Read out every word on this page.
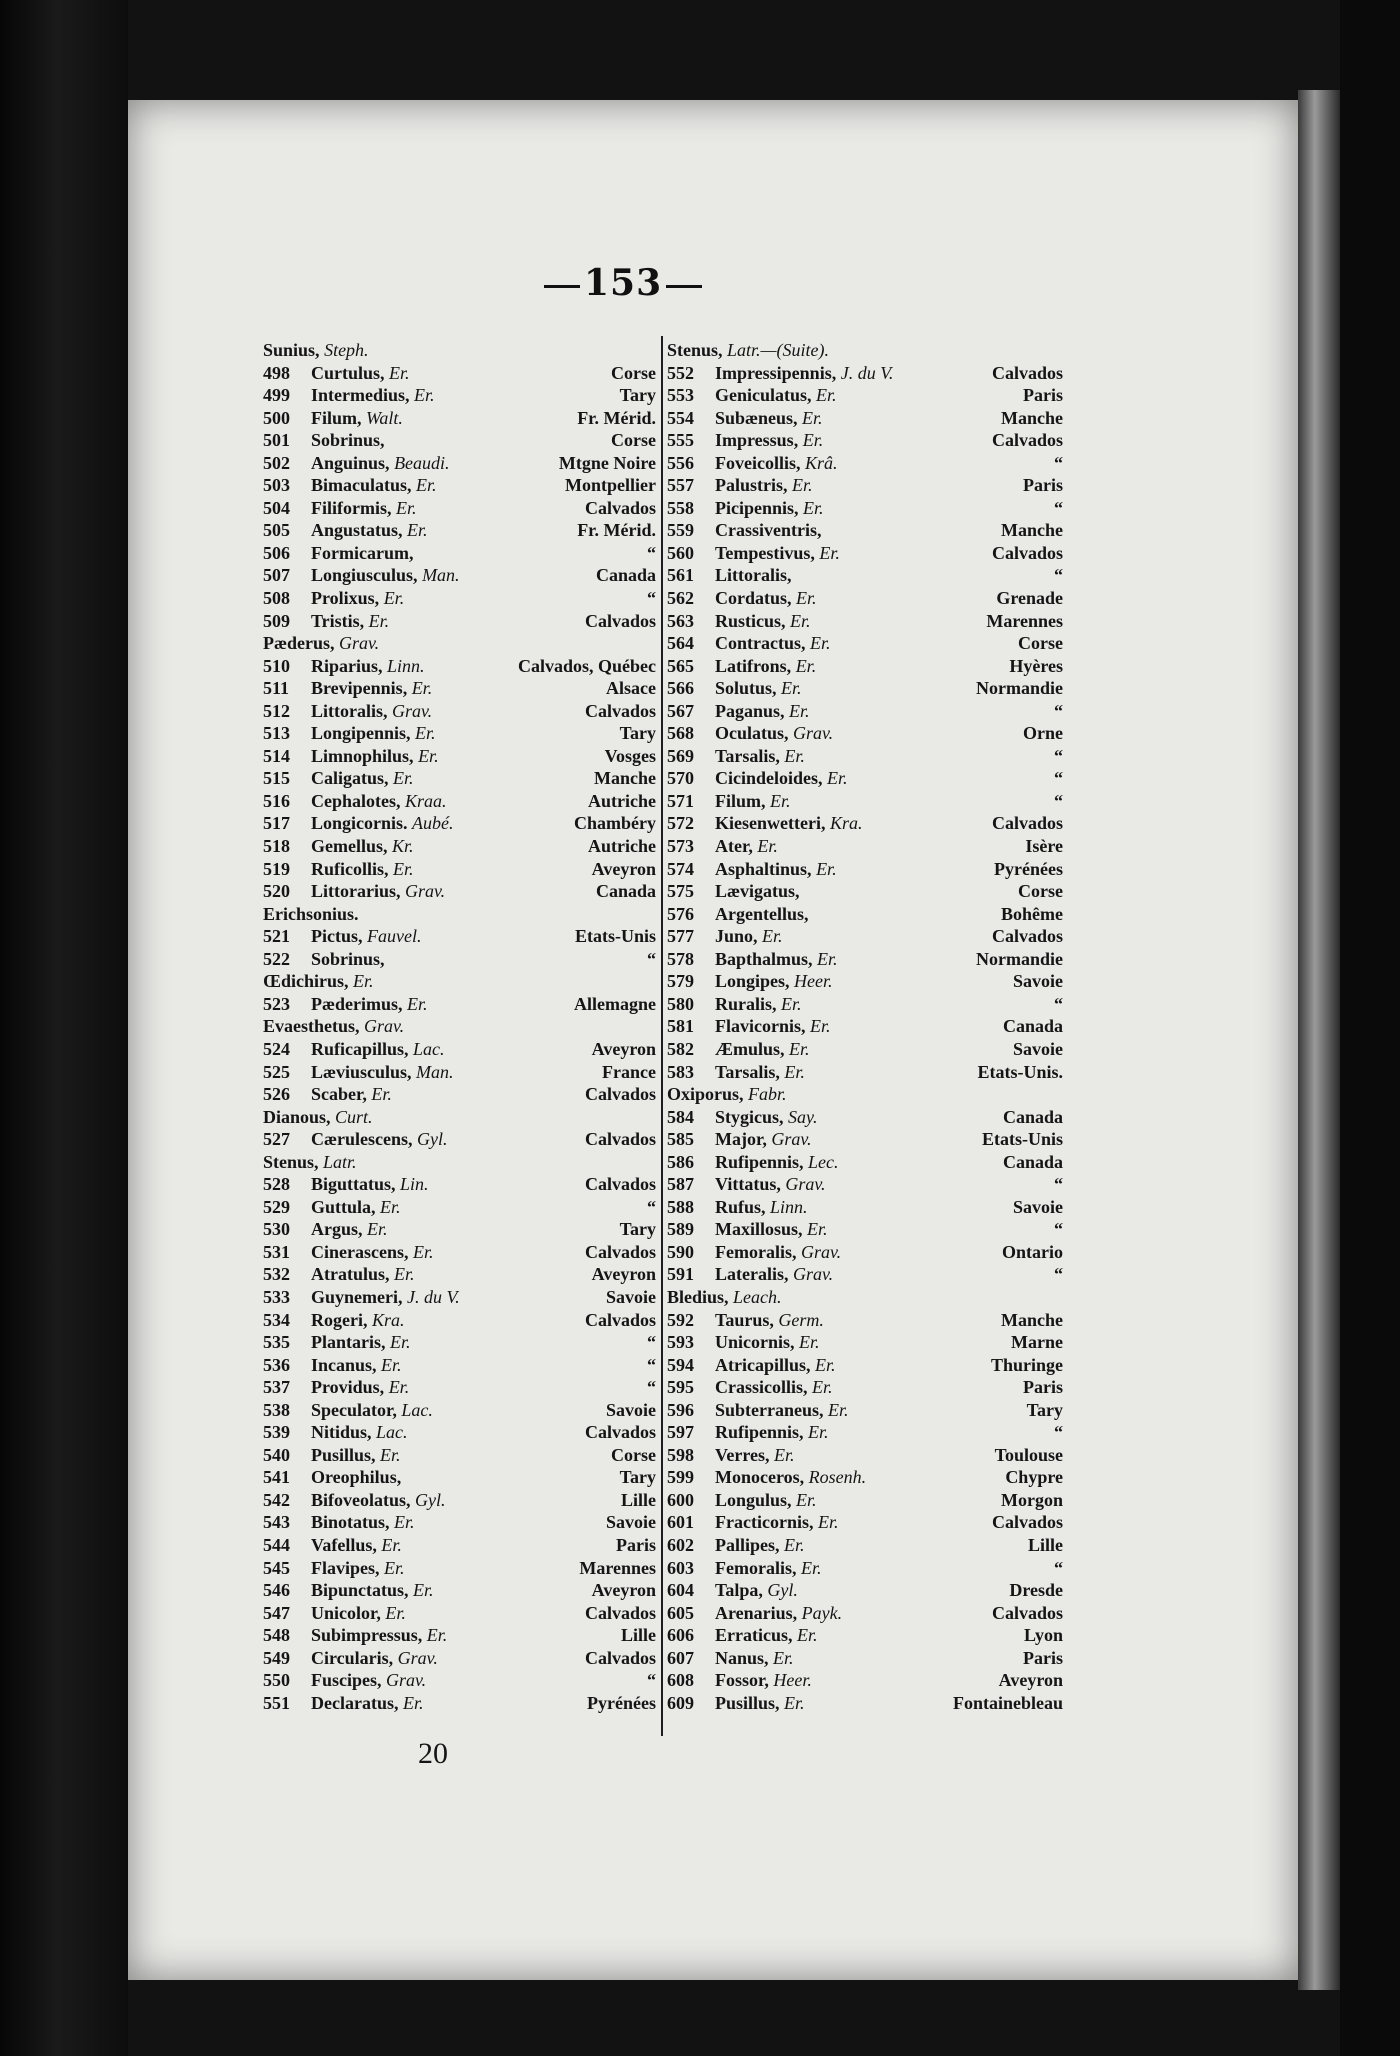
153
Sunius,
Steph.
498	Curtulus, Er.	Corse
499	Intermedius, Er.	Tary
500	Filum, Walt.	Fr. Mérid.
501	Sobrinus,	Corse
502	Anguinus, Beaudi.	Mtgne Noire
503	Bimaculatus, Er.	Montpellier
504	Filiformis, Er.	Calvados
505	Angustatus, Er.	Fr. Mérid.
506	Formicarum,	“
507	Longiusculus, Man.	Canada
508	Prolixus, Er.	“
509	Tristis, Er.	Calvados
Pæderus,
Grav.
510	Riparius, Linn.	Calvados, Québec
511	Brevipennis, Er.	Alsace
512	Littoralis, Grav.	Calvados
513	Longipennis, Er.	Tary
514	Limnophilus, Er.	Vosges
515	Caligatus, Er.	Manche
516	Cephalotes, Kraa.	Autriche
517	Longicornis. Aubé.	Chambéry
518	Gemellus, Kr.	Autriche
519	Ruficollis, Er.	Aveyron
520	Littorarius, Grav.	Canada
Erichsonius.
521	Pictus, Fauvel.	Etats-Unis
522	Sobrinus,	“
Œdichirus,
Er.
523	Pæderimus, Er.	Allemagne
Evaesthetus,
Grav.
524	Ruficapillus, Lac.	Aveyron
525	Læviusculus, Man.	France
526	Scaber, Er.	Calvados
Dianous,
Curt.
527	Cærulescens, Gyl.	Calvados
Stenus,
Latr.
528	Biguttatus, Lin.	Calvados
529	Guttula, Er.	“
530	Argus, Er.	Tary
531	Cinerascens, Er.	Calvados
532	Atratulus, Er.	Aveyron
533	Guynemeri, J. du V.	Savoie
534	Rogeri, Kra.	Calvados
535	Plantaris, Er.	“
536	Incanus, Er.	“
537	Providus, Er.	“
538	Speculator, Lac.	Savoie
539	Nitidus, Lac.	Calvados
540	Pusillus, Er.	Corse
541	Oreophilus,	Tary
542	Bifoveolatus, Gyl.	Lille
543	Binotatus, Er.	Savoie
544	Vafellus, Er.	Paris
545	Flavipes, Er.	Marennes
546	Bipunctatus, Er.	Aveyron
547	Unicolor, Er.	Calvados
548	Subimpressus, Er.	Lille
549	Circularis, Grav.	Calvados
550	Fuscipes, Grav.	“
551	Declaratus, Er.	Pyrénées
Stenus,
Latr.—(Suite).
552	Impressipennis, J. du V.	Calvados
553	Geniculatus, Er.	Paris
554	Subæneus, Er.	Manche
555	Impressus, Er.	Calvados
556	Foveicollis, Krâ.	“
557	Palustris, Er.	Paris
558	Picipennis, Er.	“
559	Crassiventris,	Manche
560	Tempestivus, Er.	Calvados
561	Littoralis,	“
562	Cordatus, Er.	Grenade
563	Rusticus, Er.	Marennes
564	Contractus, Er.	Corse
565	Latifrons, Er.	Hyères
566	Solutus, Er.	Normandie
567	Paganus, Er.	“
568	Oculatus, Grav.	Orne
569	Tarsalis, Er.	“
570	Cicindeloides, Er.	“
571	Filum, Er.	“
572	Kiesenwetteri, Kra.	Calvados
573	Ater, Er.	Isère
574	Asphaltinus, Er.	Pyrénées
575	Lævigatus,	Corse
576	Argentellus,	Bohême
577	Juno, Er.	Calvados
578	Bapthalmus, Er.	Normandie
579	Longipes, Heer.	Savoie
580	Ruralis, Er.	“
581	Flavicornis, Er.	Canada
582	Æmulus, Er.	Savoie
583	Tarsalis, Er.	Etats-Unis.
Oxiporus,
Fabr.
584	Stygicus, Say.	Canada
585	Major, Grav.	Etats-Unis
586	Rufipennis, Lec.	Canada
587	Vittatus, Grav.	“
588	Rufus, Linn.	Savoie
589	Maxillosus, Er.	“
590	Femoralis, Grav.	Ontario
591	Lateralis, Grav.	“
Bledius,
Leach.
592	Taurus, Germ.	Manche
593	Unicornis, Er.	Marne
594	Atricapillus, Er.	Thuringe
595	Crassicollis, Er.	Paris
596	Subterraneus, Er.	Tary
597	Rufipennis, Er.	“
598	Verres, Er.	Toulouse
599	Monoceros, Rosenh.	Chypre
600	Longulus, Er.	Morgon
601	Fracticornis, Er.	Calvados
602	Pallipes, Er.	Lille
603	Femoralis, Er.	“
604	Talpa, Gyl.	Dresde
605	Arenarius, Payk.	Calvados
606	Erraticus, Er.	Lyon
607	Nanus, Er.	Paris
608	Fossor, Heer.	Aveyron
609	Pusillus, Er.	Fontainebleau
20
